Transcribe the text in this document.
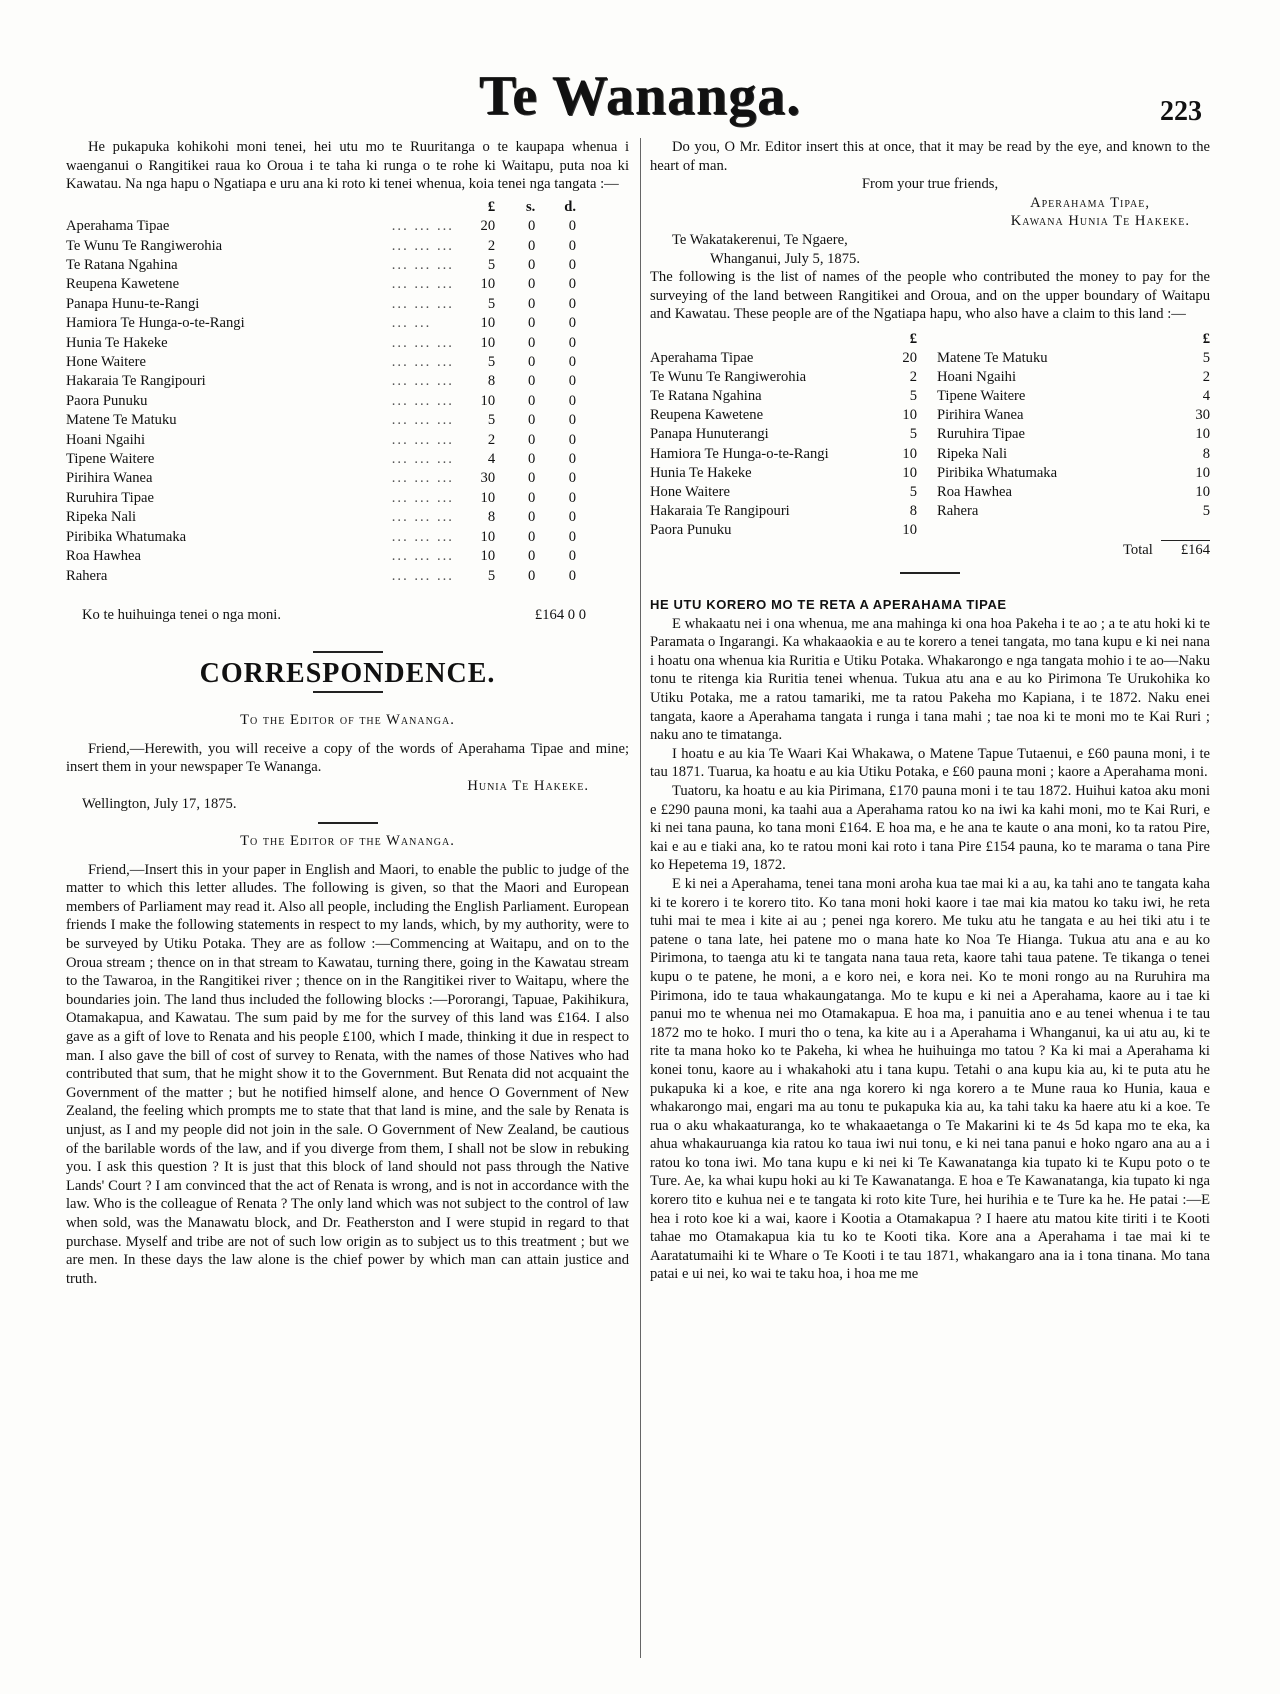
Te Wananga.	223

He pukapuka kohikohi moni tenei, hei utu mo te Ruuritanga o te kaupapa whenua i waenganui o Rangitikei raua ko Oroua i te taha ki runga o te rohe ki Waitapu, puta noa ki Kawatau. Na nga hapu o Ngatiapa e uru ana ki roto ki tenei whenua, koia tenei nga tangata :—

		£	s.	d.
Aperahama Tipae	... ... ...	20	0	0
Te Wunu Te Rangiwerohia	... ... ...	2	0	0
Te Ratana Ngahina	... ... ...	5	0	0
Reupena Kawetene	... ... ...	10	0	0
Panapa Hunu-te-Rangi	... ... ...	5	0	0
Hamiora Te Hunga-o-te-Rangi	... ...	10	0	0
Hunia Te Hakeke	... ... ...	10	0	0
Hone Waitere	... ... ...	5	0	0
Hakaraia Te Rangipouri	... ... ...	8	0	0
Paora Punuku	... ... ...	10	0	0
Matene Te Matuku	... ... ...	5	0	0
Hoani Ngaihi	... ... ...	2	0	0
Tipene Waitere	... ... ...	4	0	0
Pirihira Wanea	... ... ...	30	0	0
Ruruhira Tipae	... ... ...	10	0	0
Ripeka Nali	... ... ...	8	0	0
Piribika Whatumaka	... ... ...	10	0	0
Roa Hawhea	... ... ...	10	0	0
Rahera	... ... ...	5	0	0
Ko te huihuinga tenei o nga moni.	£164 0 0
CORRESPONDENCE.

To the Editor of the Wananga.

Friend,—Herewith, you will receive a copy of the words of Aperahama Tipae and mine; insert them in your newspaper Te Wananga.

Hunia Te Hakeke.

Wellington, July 17, 1875.

To the Editor of the Wananga.

Friend,—Insert this in your paper in English and Maori, to enable the public to judge of the matter to which this letter alludes. The following is given, so that the Maori and European members of Parliament may read it. Also all people, including the English Parliament. European friends I make the following statements in respect to my lands, which, by my authority, were to be surveyed by Utiku Potaka. They are as follow :—Commencing at Waitapu, and on to the Oroua stream ; thence on in that stream to Kawatau, turning there, going in the Kawatau stream to the Tawaroa, in the Rangitikei river ; thence on in the Rangitikei river to Waitapu, where the boundaries join. The land thus included the following blocks :—Pororangi, Tapuae, Pakihikura, Otamakapua, and Kawatau. The sum paid by me for the survey of this land was £164. I also gave as a gift of love to Renata and his people £100, which I made, thinking it due in respect to man. I also gave the bill of cost of survey to Renata, with the names of those Natives who had contributed that sum, that he might show it to the Government. But Renata did not acquaint the Government of the matter ; but he notified himself alone, and hence O Government of New Zealand, the feeling which prompts me to state that that land is mine, and the sale by Renata is unjust, as I and my people did not join in the sale. O Government of New Zealand, be cautious of the barilable words of the law, and if you diverge from them, I shall not be slow in rebuking you. I ask this question ? It is just that this block of land should not pass through the Native Lands' Court ? I am convinced that the act of Renata is wrong, and is not in accordance with the law. Who is the colleague of Renata ? The only land which was not subject to the control of law when sold, was the Manawatu block, and Dr. Featherston and I were stupid in regard to that purchase. Myself and tribe are not of such low origin as to subject us to this treatment ; but we are men. In these days the law alone is the chief power by which man can attain justice and truth.

Do you, O Mr. Editor insert this at once, that it may be read by the eye, and known to the heart of man.

From your true friends,

Aperahama Tipae,

Kawana Hunia Te Hakeke.

Te Wakatakerenui, Te Ngaere,

Whanganui, July 5, 1875.

The following is the list of names of the people who contributed the money to pay for the surveying of the land between Rangitikei and Oroua, and on the upper boundary of Waitapu and Kawatau. These people are of the Ngatiapa hapu, who also have a claim to this land :—

	£		£
Aperahama Tipae	20	Matene Te Matuku	5
Te Wunu Te Rangiwerohia	2	Hoani Ngaihi	2
Te Ratana Ngahina	5	Tipene Waitere	4
Reupena Kawetene	10	Pirihira Wanea	30
Panapa Hunuterangi	5	Ruruhira Tipae	10
Hamiora Te Hunga-o-te-Rangi	10	Ripeka Nali	8
Hunia Te Hakeke	10	Piribika Whatumaka	10
Hone Waitere	5	Roa Hawhea	10
Hakaraia Te Rangipouri	8	Rahera	5
Paora Punuku	10		
		Total	£164

HE UTU KORERO MO TE RETA A APERAHAMA TIPAE

E whakaatu nei i ona whenua, me ana mahinga ki ona hoa Pakeha i te ao ; a te atu hoki ki te Paramata o Ingarangi. Ka whakaaokia e au te korero a tenei tangata, mo tana kupu e ki nei nana i hoatu ona whenua kia Ruritia e Utiku Potaka. Whakarongo e nga tangata mohio i te ao—Naku tonu te ritenga kia Ruritia tenei whenua. Tukua atu ana e au ko Pirimona Te Urukohika ko Utiku Potaka, me a ratou tamariki, me ta ratou Pakeha mo Kapiana, i te 1872. Naku enei tangata, kaore a Aperahama tangata i runga i tana mahi ; tae noa ki te moni mo te Kai Ruri ; naku ano te timatanga.

I hoatu e au kia Te Waari Kai Whakawa, o Matene Tapue Tutaenui, e £60 pauna moni, i te tau 1871. Tuarua, ka hoatu e au kia Utiku Potaka, e £60 pauna moni ; kaore a Aperahama moni.

Tuatoru, ka hoatu e au kia Pirimana, £170 pauna moni i te tau 1872. Huihui katoa aku moni e £290 pauna moni, ka taahi aua a Aperahama ratou ko na iwi ka kahi moni, mo te Kai Ruri, e ki nei tana pauna, ko tana moni £164. E hoa ma, e he ana te kaute o ana moni, ko ta ratou Pire, kai e au e tiaki ana, ko te ratou moni kai roto i tana Pire £154 pauna, ko te marama o tana Pire ko Hepetema 19, 1872.

E ki nei a Aperahama, tenei tana moni aroha kua tae mai ki a au, ka tahi ano te tangata kaha ki te korero i te korero tito. Ko tana moni hoki kaore i tae mai kia matou ko taku iwi, he reta tuhi mai te mea i kite ai au ; penei nga korero. Me tuku atu he tangata e au hei tiki atu i te patene o tana late, hei patene mo o mana hate ko Noa Te Hianga. Tukua atu ana e au ko Pirimona, to taenga atu ki te tangata nana taua reta, kaore tahi taua patene. Te tikanga o tenei kupu o te patene, he moni, a e koro nei, e kora nei. Ko te moni rongo au na Ruruhira ma Pirimona, ido te taua whakaungatanga. Mo te kupu e ki nei a Aperahama, kaore au i tae ki panui mo te whenua nei mo Otamakapua. E hoa ma, i panuitia ano e au tenei whenua i te tau 1872 mo te hoko. I muri tho o tena, ka kite au i a Aperahama i Whanganui, ka ui atu au, ki te rite ta mana hoko ko te Pakeha, ki whea he huihuinga mo tatou ? Ka ki mai a Aperahama ki konei tonu, kaore au i whakahoki atu i tana kupu. Tetahi o ana kupu kia au, ki te puta atu he pukapuka ki a koe, e rite ana nga korero ki nga korero a te Mune raua ko Hunia, kaua e whakarongo mai, engari ma au tonu te pukapuka kia au, ka tahi taku ka haere atu ki a koe. Te rua o aku whakaaturanga, ko te whakaaetanga o Te Makarini ki te 4s 5d kapa mo te eka, ka ahua whakauruanga kia ratou ko taua iwi nui tonu, e ki nei tana panui e hoko ngaro ana au a i ratou ko tona iwi. Mo tana kupu e ki nei ki Te Kawanatanga kia tupato ki te Kupu poto o te Ture. Ae, ka whai kupu hoki au ki Te Kawanatanga. E hoa e Te Kawanatanga, kia tupato ki nga korero tito e kuhua nei e te tangata ki roto kite Ture, hei hurihia e te Ture ka he. He patai :—E hea i roto koe ki a wai, kaore i Kootia a Otamakapua ? I haere atu matou kite tiriti i te Kooti tahae mo Otamakapua kia tu ko te Kooti tika. Kore ana a Aperahama i tae mai ki te Aaratatumaihi ki te Whare o Te Kooti i te tau 1871, whakangaro ana ia i tona tinana. Mo tana patai e ui nei, ko wai te taku hoa, i hoa me me
